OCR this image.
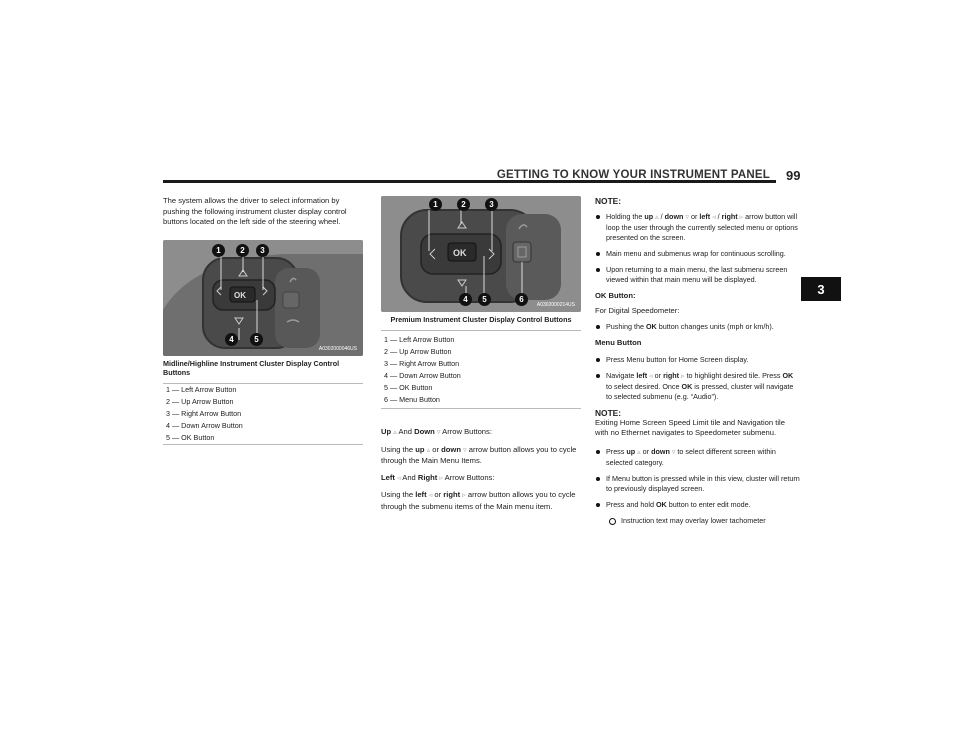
GETTING TO KNOW YOUR INSTRUMENT PANEL 99
3

The system allows the driver to select information by pushing the following instrument cluster display control buttons located on the left side of the steering wheel.

OK
1	2	3
4	5
A0302000046US
Midline/Highline Instrument Cluster Display Control Buttons
1 — Left Arrow Button
2 — Up Arrow Button
3 — Right Arrow Button
4 — Down Arrow Button
5 — OK Button
OK
1	2	3
4	5	6
A0302000214US
Premium Instrument Cluster Display Control Buttons
1 — Left Arrow Button
2 — Up Arrow Button
3 — Right Arrow Button
4 — Down Arrow Button
5 — OK Button
6 — Menu Button

Up ▵ And Down ▿ Arrow Buttons:

Using the up ▵ or down ▿ arrow button allows you to cycle through the Main Menu Items.

Left ◃ And Right ▹ Arrow Buttons:

Using the left ◃ or right ▹ arrow button allows you to cycle through the submenu items of the Main menu item.

NOTE:
Holding the up ▵ / down ▿ or left ◃ / right ▹ arrow button will loop the user through the currently selected menu or options presented on the screen.
Main menu and submenus wrap for continuous scrolling.
Upon returning to a main menu, the last submenu screen viewed within that main menu will be displayed.
OK Button:
For Digital Speedometer:
Pushing the OK button changes units (mph or km/h).
Menu Button
Press Menu button for Home Screen display.
Navigate left ◃ or right ▹ to highlight desired tile. Press OK to select desired. Once OK is pressed, cluster will navigate to selected submenu (e.g. “Audio”).
NOTE:
Exiting Home Screen Speed Limit tile and Navigation tile with no Ethernet navigates to Speedometer submenu.
Press up ▵ or down ▿ to select different screen within selected category.
If Menu button is pressed while in this view, cluster will return to previously displayed screen.
Press and hold OK button to enter edit mode.
Instruction text may overlay lower tachometer
